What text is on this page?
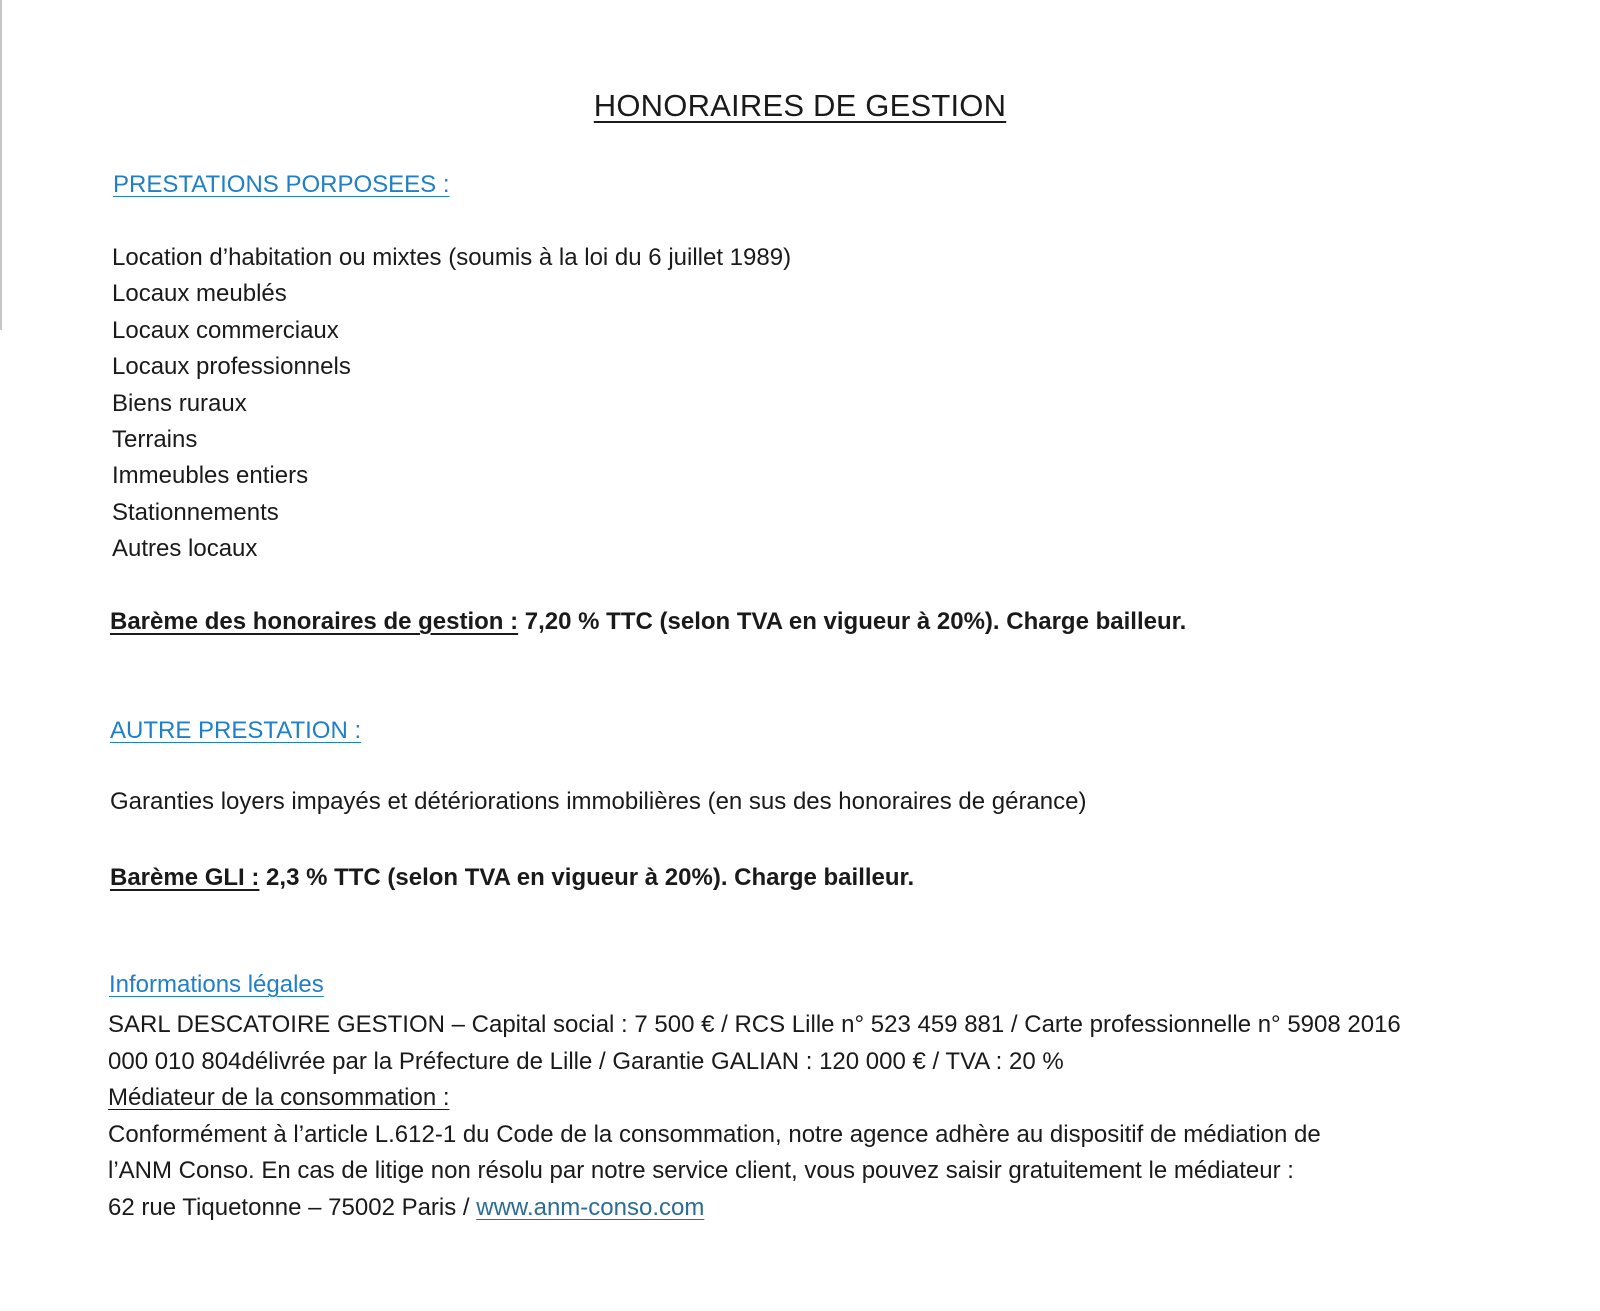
HONORAIRES DE GESTION
PRESTATIONS PORPOSEES :
Location d’habitation ou mixtes (soumis à la loi du 6 juillet 1989)
Locaux meublés
Locaux commerciaux
Locaux professionnels
Biens ruraux
Terrains
Immeubles entiers
Stationnements
Autres locaux
Barème des honoraires de gestion : 7,20 % TTC (selon TVA en vigueur à 20%). Charge bailleur.
AUTRE PRESTATION :
Garanties loyers impayés et détériorations immobilières (en sus des honoraires de gérance)
Barème GLI : 2,3 % TTC (selon TVA en vigueur à 20%). Charge bailleur.
Informations légales
SARL DESCATOIRE GESTION – Capital social : 7 500 € / RCS Lille n° 523 459 881 / Carte professionnelle n° 5908 2016
000 010 804délivrée par la Préfecture de Lille / Garantie GALIAN : 120 000 € / TVA : 20 %
Médiateur de la consommation :
Conformément à l’article L.612-1 du Code de la consommation, notre agence adhère au dispositif de médiation de
l’ANM Conso. En cas de litige non résolu par notre service client, vous pouvez saisir gratuitement le médiateur :
62 rue Tiquetonne – 75002 Paris / www.anm-conso.com
